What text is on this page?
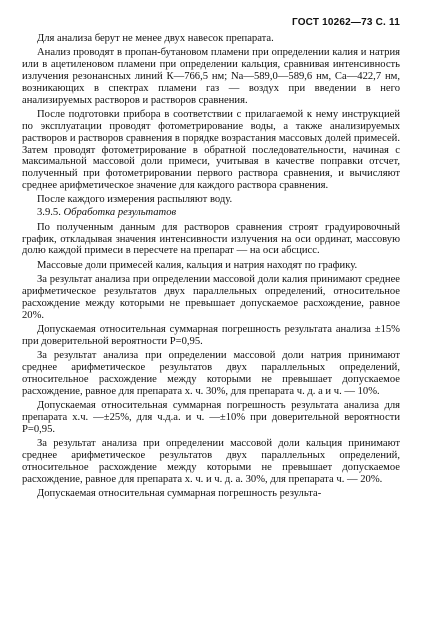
ГОСТ 10262—73 С. 11

Для анализа берут не менее двух навесок препарата.

Анализ проводят в пропан-бутановом пламени при определении калия и натрия или в ацетиленовом пламени при определении кальция, сравнивая интенсивность излучения резонансных линий К—766,5 нм; Na—589,0—589,6 нм, Са—422,7 нм, возникающих в спектрах пламени газ — воздух при введении в него анализируемых растворов и растворов сравнения.

После подготовки прибора в соответствии с прилагаемой к нему инструкцией по эксплуатации проводят фотометрирование воды, а также анализируемых растворов и растворов сравнения в порядке возрастания массовых долей примесей. Затем проводят фотометрирование в обратной последовательности, начиная с максимальной массовой доли примеси, учитывая в качестве поправки отсчет, полученный при фотометрировании первого раствора сравнения, и вычисляют среднее арифметическое значение для каждого раствора сравнения.

После каждого измерения распыляют воду.

3.9.5. Обработка результатов

По полученным данным для растворов сравнения строят градуировочный график, откладывая значения интенсивности излучения на оси ординат, массовую долю каждой примеси в пересчете на препарат — на оси абсцисс.

Массовые доли примесей калия, кальция и натрия находят по графику.

За результат анализа при определении массовой доли калия принимают среднее арифметическое результатов двух параллельных определений, относительное расхождение между которыми не превышает допускаемое расхождение, равное 20%.

Допускаемая относительная суммарная погрешность результата анализа ±15% при доверительной вероятности Р=0,95.

За результат анализа при определении массовой доли натрия принимают среднее арифметическое результатов двух параллельных определений, относительное расхождение между которыми не превышает допускаемое расхождение, равное для препарата х. ч. 30%, для препарата ч. д. а и ч. — 10%.

Допускаемая относительная суммарная погрешность результата анализа для препарата х.ч. —±25%, для ч.д.а. и ч. —±10% при доверительной вероятности Р=0,95.

За результат анализа при определении массовой доли кальция принимают среднее арифметическое результатов двух параллельных определений, относительное расхождение между которыми не превышает допускаемое расхождение, равное для препарата х. ч. и ч. д. а. 30%, для препарата ч. — 20%.

Допускаемая относительная суммарная погрешность результа-
